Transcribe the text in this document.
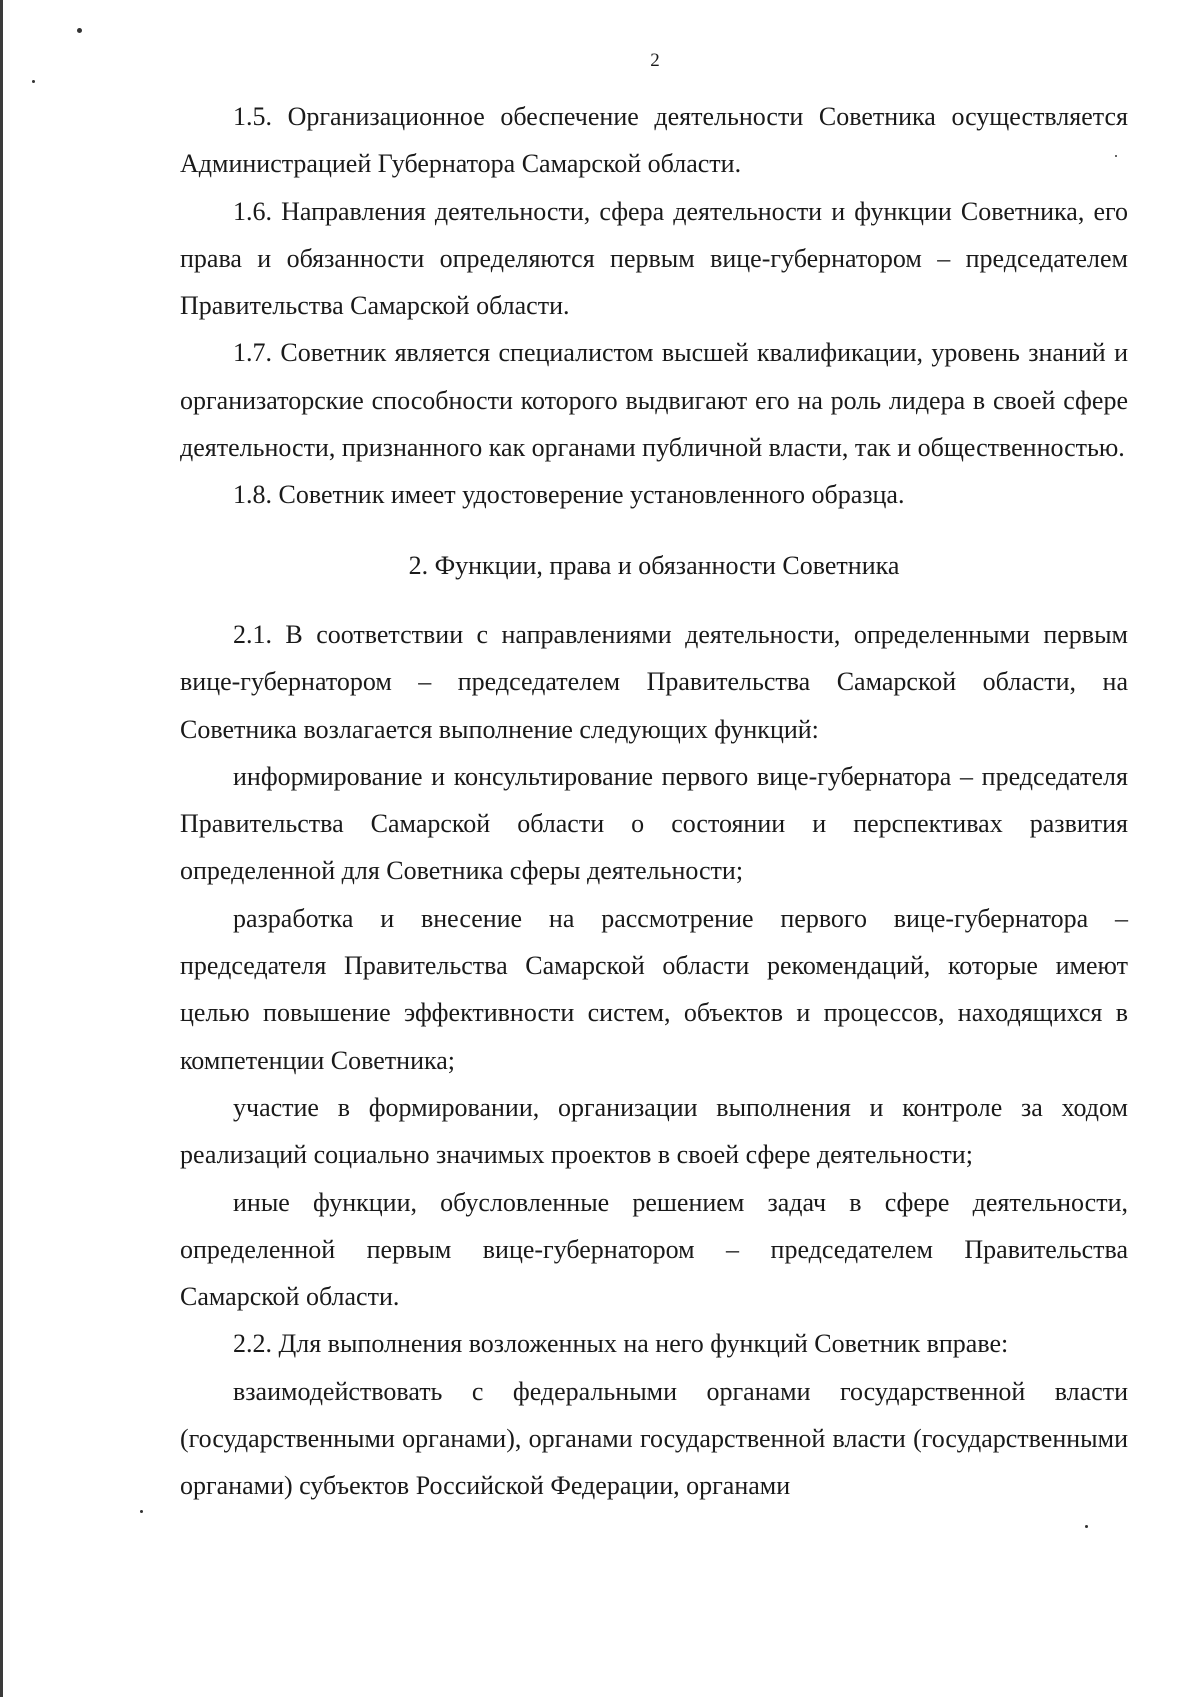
2

1.5. Организационное обеспечение деятельности Советника осуществляется Администрацией Губернатора Самарской области.

1.6. Направления деятельности, сфера деятельности и функции Советника, его права и обязанности определяются первым вице-губернатором – председателем Правительства Самарской области.

1.7. Советник является специалистом высшей квалификации, уровень знаний и организаторские способности которого выдвигают его на роль лидера в своей сфере деятельности, признанного как органами публичной власти, так и общественностью.

1.8. Советник имеет удостоверение установленного образца.

2. Функции, права и обязанности Советника

2.1. В соответствии с направлениями деятельности, определенными первым вице-губернатором – председателем Правительства Самарской области, на Советника возлагается выполнение следующих функций:

информирование и консультирование первого вице-губернатора – председателя Правительства Самарской области о состоянии и перспективах развития определенной для Советника сферы деятельности;

разработка и внесение на рассмотрение первого вице-губернатора – председателя Правительства Самарской области рекомендаций, которые имеют целью повышение эффективности систем, объектов и процессов, находящихся в компетенции Советника;

участие в формировании, организации выполнения и контроле за ходом реализаций социально значимых проектов в своей сфере деятельности;

иные функции, обусловленные решением задач в сфере деятельности, определенной первым вице-губернатором – председателем Правительства Самарской области.

2.2. Для выполнения возложенных на него функций Советник вправе:

взаимодействовать с федеральными органами государственной власти (государственными органами), органами государственной власти (государственными органами) субъектов Российской Федерации, органами
